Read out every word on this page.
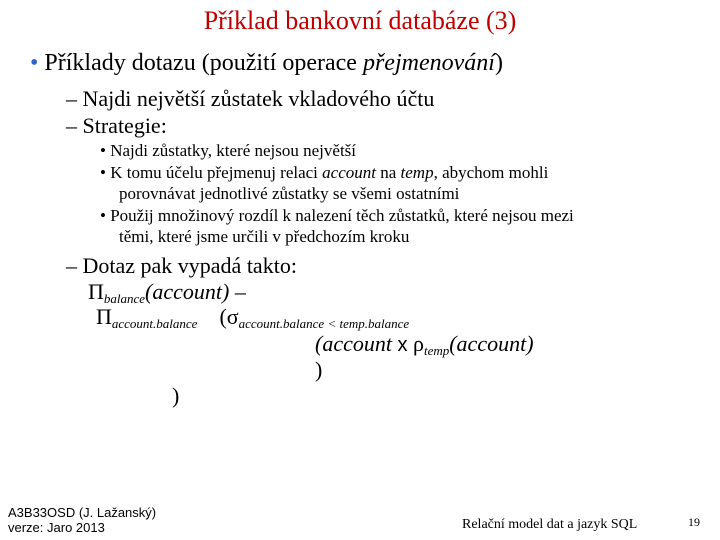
Příklad bankovní databáze (3)
• Příklady dotazu (použití operace přejmenování)
– Najdi největší zůstatek vkladového účtu
– Strategie:
• Najdi zůstatky, které nejsou největší
• K tomu účelu přejmenuj relaci account na temp, abychom mohli
porovnávat jednotlivé zůstatky se všemi ostatními
• Použij množinový rozdíl k nalezení těch zůstatků, které nejsou mezi
těmi, které jsme určili v předchozím kroku
– Dotaz pak vypadá takto:
$\Pi_{balance}(account)$ –
$\Pi_{account.balance}$ ($\sigma_{account.balance < temp.balance}$
(account x $\rho_{temp}(account)$
)
)
A3B33OSD (J. Lažanský)
verze: Jaro 2013	Relační model dat a jazyk SQL	19
